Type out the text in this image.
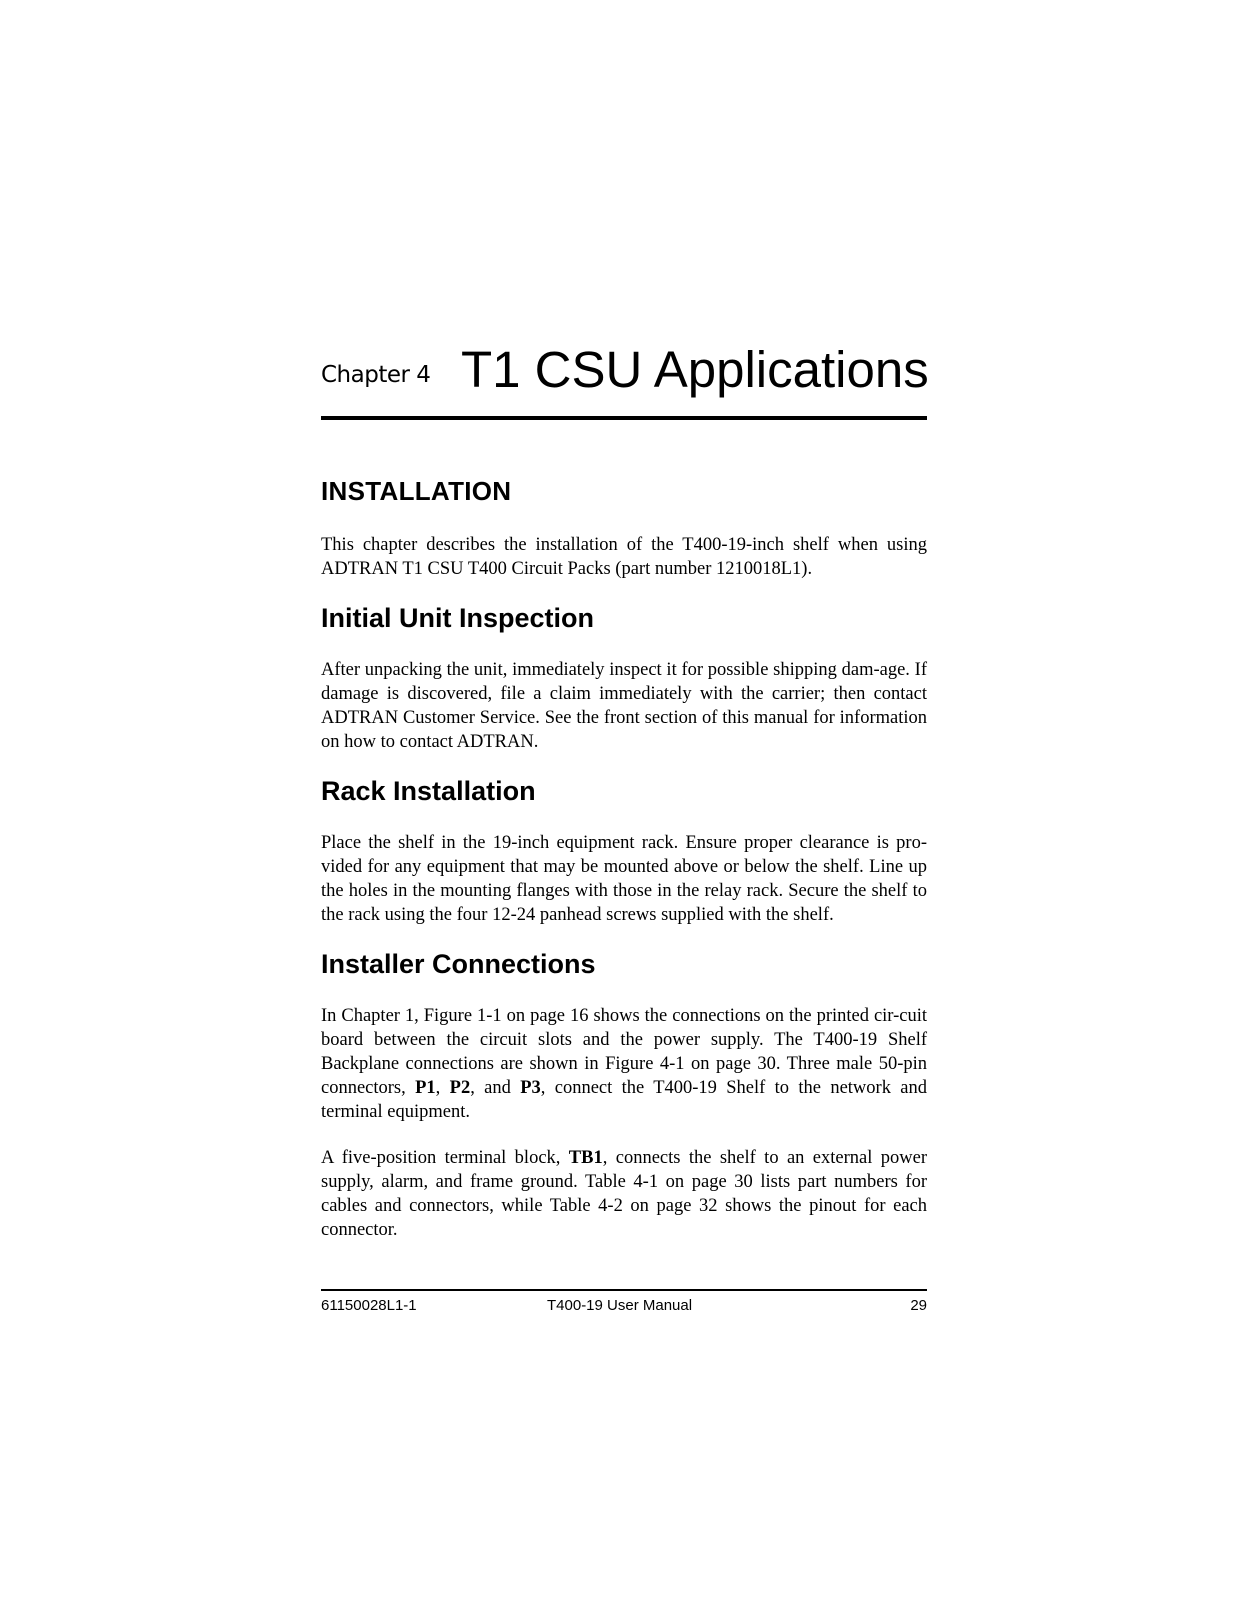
Chapter 4 T1 CSU Applications
INSTALLATION

This chapter describes the installation of the T400-19-inch shelf when using ADTRAN T1 CSU T400 Circuit Packs (part number 1210018L1).

Initial Unit Inspection

After unpacking the unit, immediately inspect it for possible shipping dam-age. If damage is discovered, file a claim immediately with the carrier; then contact ADTRAN Customer Service. See the front section of this manual for information on how to contact ADTRAN.

Rack Installation

Place the shelf in the 19-inch equipment rack. Ensure proper clearance is pro-vided for any equipment that may be mounted above or below the shelf. Line up the holes in the mounting flanges with those in the relay rack. Secure the shelf to the rack using the four 12-24 panhead screws supplied with the shelf.

Installer Connections

In Chapter 1, Figure 1-1 on page 16 shows the connections on the printed cir-cuit board between the circuit slots and the power supply. The T400-19 Shelf Backplane connections are shown in Figure 4-1 on page 30. Three male 50-pin connectors, P1, P2, and P3, connect the T400-19 Shelf to the network and terminal equipment.

A five-position terminal block, TB1, connects the shelf to an external power supply, alarm, and frame ground. Table 4-1 on page 30 lists part numbers for cables and connectors, while Table 4-2 on page 32 shows the pinout for each connector.

61150028L1-1	T400-19 User Manual	29
